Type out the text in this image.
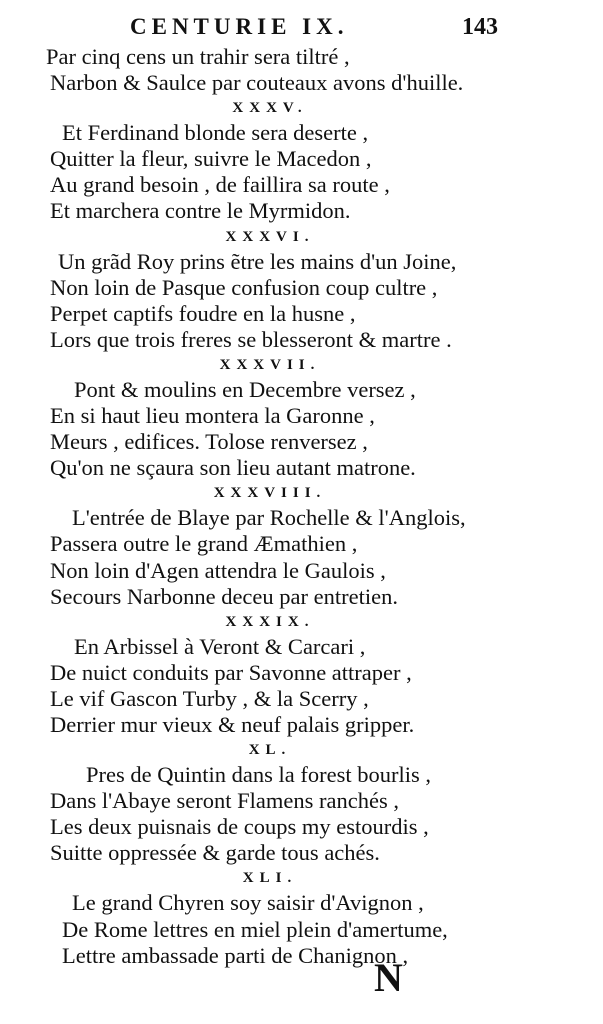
CENTURIE IX.	143
Par cinq cens un trahir sera tiltré ,
Narbon & Saulce par couteaux avons d'huille.
XXXV.
Et Ferdinand blonde sera deserte ,
Quitter la fleur, suivre le Macedon ,
Au grand besoin , de faillira sa route ,
Et marchera contre le Myrmidon.
XXXVI.
Un grãd Roy prins ẽtre les mains d'un Joine,
Non loin de Pasque confusion coup cultre ,
Perpet captifs foudre en la husne ,
Lors que trois freres se blesseront & martre .
XXXVII.
Pont & moulins en Decembre versez ,
En si haut lieu montera la Garonne ,
Meurs , edifices. Tolose renversez ,
Qu'on ne sçaura son lieu autant matrone.
XXXVIII.
L'entrée de Blaye par Rochelle & l'Anglois,
Passera outre le grand Æmathien ,
Non loin d'Agen attendra le Gaulois ,
Secours Narbonne deceu par entretien.
XXXIX.
En Arbissel à Veront & Carcari ,
De nuict conduits par Savonne attraper ,
Le vif Gascon Turby , & la Scerry ,
Derrier mur vieux & neuf palais gripper.
XL.
Pres de Quintin dans la forest bourlis ,
Dans l'Abaye seront Flamens ranchés ,
Les deux puisnais de coups my estourdis ,
Suitte oppressée & garde tous achés.
XLI.
Le grand Chyren soy saisir d'Avignon ,
De Rome lettres en miel plein d'amertume,
Lettre ambassade parti de Chanignon ,
N
